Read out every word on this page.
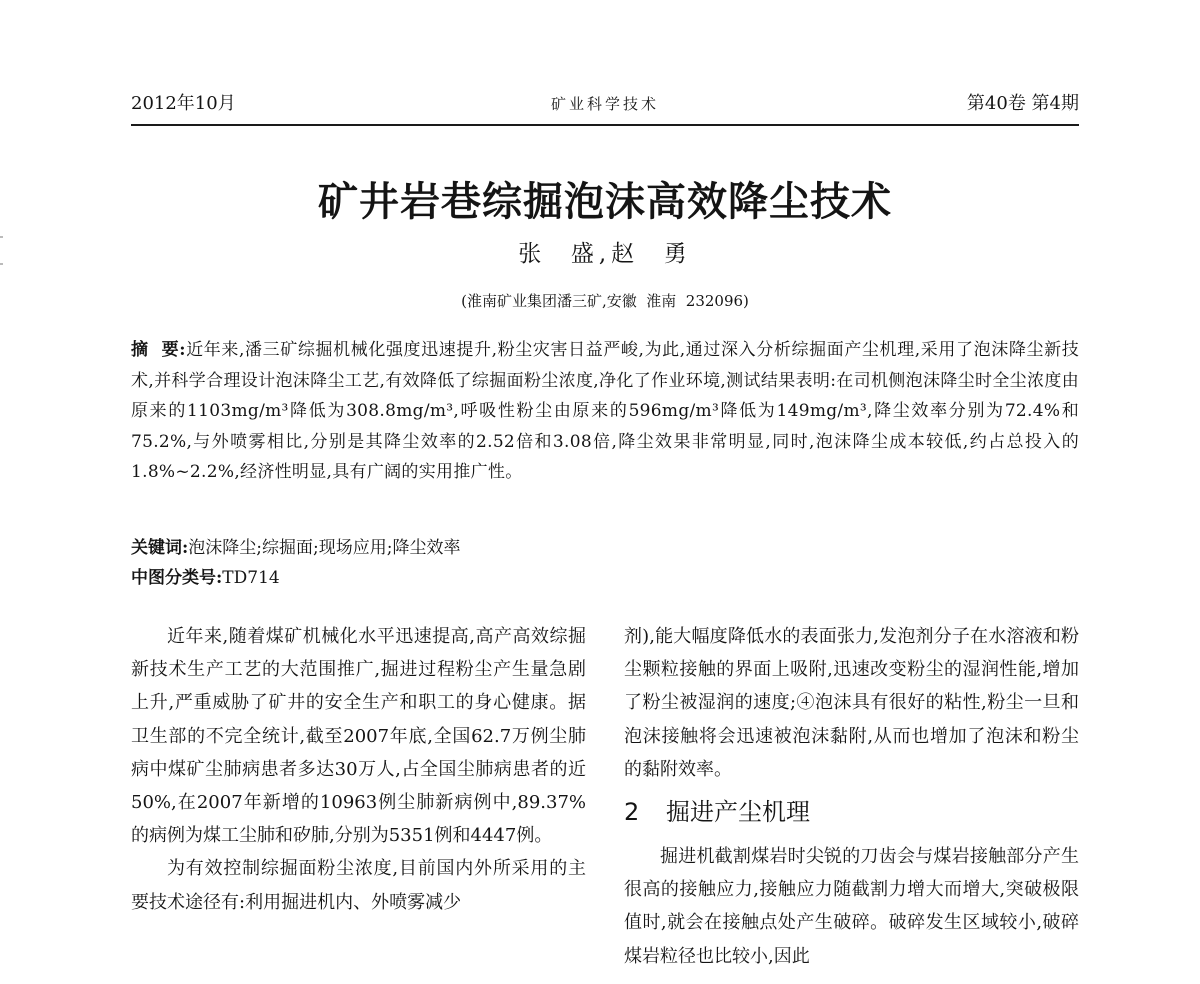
2012年10月	矿业科学技术	第40卷 第4期
矿井岩巷综掘泡沫高效降尘技术
张  盛,赵  勇
(淮南矿业集团潘三矿,安徽  淮南  232096)
摘  要:近年来,潘三矿综掘机械化强度迅速提升,粉尘灾害日益严峻,为此,通过深入分析综掘面产尘机理,采用了泡沫降尘新技术,并科学合理设计泡沫降尘工艺,有效降低了综掘面粉尘浓度,净化了作业环境,测试结果表明:在司机侧泡沫降尘时全尘浓度由原来的1103mg/m³降低为308.8mg/m³,呼吸性粉尘由原来的596mg/m³降低为149mg/m³,降尘效率分别为72.4%和75.2%,与外喷雾相比,分别是其降尘效率的2.52倍和3.08倍,降尘效果非常明显,同时,泡沫降尘成本较低,约占总投入的1.8%~2.2%,经济性明显,具有广阔的实用推广性。
关键词:泡沫降尘;综掘面;现场应用;降尘效率
中图分类号:TD714

近年来,随着煤矿机械化水平迅速提高,高产高效综掘新技术生产工艺的大范围推广,掘进过程粉尘产生量急剧上升,严重威胁了矿井的安全生产和职工的身心健康。据卫生部的不完全统计,截至2007年底,全国62.7万例尘肺病中煤矿尘肺病患者多达30万人,占全国尘肺病患者的近50%,在2007年新增的10963例尘肺新病例中,89.37%的病例为煤工尘肺和矽肺,分别为5351例和4447例。

为有效控制综掘面粉尘浓度,目前国内外所采用的主要技术途径有:利用掘进机内、外喷雾减少

剂),能大幅度降低水的表面张力,发泡剂分子在水溶液和粉尘颗粒接触的界面上吸附,迅速改变粉尘的湿润性能,增加了粉尘被湿润的速度;④泡沫具有很好的粘性,粉尘一旦和泡沫接触将会迅速被泡沫黏附,从而也增加了泡沫和粉尘的黏附效率。

2 掘进产尘机理

掘进机截割煤岩时尖锐的刀齿会与煤岩接触部分产生很高的接触应力,接触应力随截割力增大而增大,突破极限值时,就会在接触点处产生破碎。破碎发生区域较小,破碎煤岩粒径也比较小,因此
